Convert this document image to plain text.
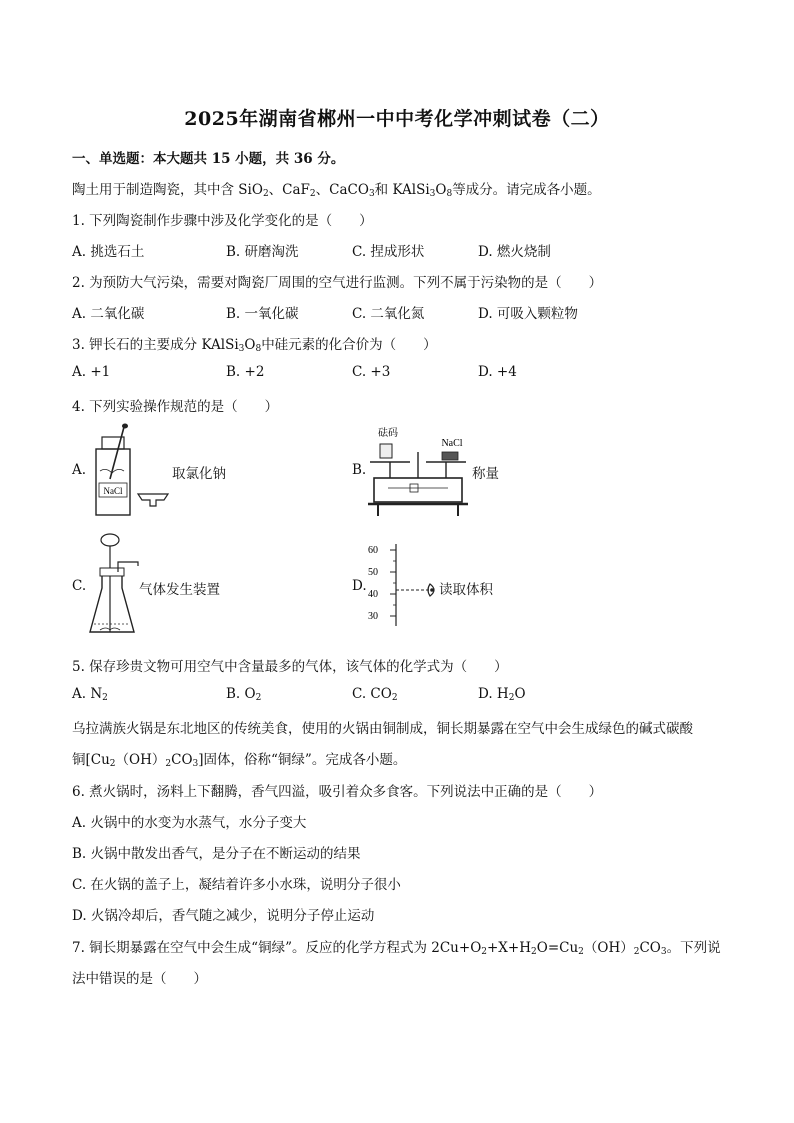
2025年湖南省郴州一中中考化学冲刺试卷（二）
一、单选题：本大题共 15 小题，共 36 分。
陶土用于制造陶瓷，其中含 SiO$_2$、CaF$_2$、CaCO$_3$和 $KAlSi_3O_8$等成分。请完成各小题。
1. 下列陶瓷制作步骤中涉及化学变化的是（　　）
A. 挑选石土	B. 研磨淘洗	C. 捏成形状	D. 燃火烧制
2. 为预防大气污染，需要对陶瓷厂周围的空气进行监测。下列不属于污染物的是（　　）
A. 二氧化碳	B. 一氧化碳	C. 二氧化氮	D. 可吸入颗粒物
3. 钾长石的主要成分 $KAlSi_3O_8$中硅元素的化合价为（　　）
A. +1	B. +2	C. +3	D. +4
4. 下列实验操作规范的是（　　）
A.
NaCl
取氯化钠	B.
砝码
NaCl
称量
C.	气体发生装置	D.
60
50
40
30
读取体积
5. 保存珍贵文物可用空气中含量最多的气体，该气体的化学式为（　　）
A. $N_2$	B. $O_2$	C. $CO_2$	D. $H_2O$
乌拉满族火锅是东北地区的传统美食，使用的火锅由铜制成，铜长期暴露在空气中会生成绿色的碱式碳酸
铜$[Cu_2(OH)_2CO_3]$固体，俗称“铜绿”。完成各小题。
6. 煮火锅时，汤料上下翻腾，香气四溢，吸引着众多食客。下列说法中正确的是（　　）
A. 火锅中的水变为水蒸气，水分子变大
B. 火锅中散发出香气，是分子在不断运动的结果
C. 在火锅的盖子上，凝结着许多小水珠，说明分子很小
D. 火锅冷却后，香气随之减少，说明分子停止运动
7. 铜长期暴露在空气中会生成“铜绿”。反应的化学方程式为 $2Cu+O_2+X+H_2O=Cu_2(OH)_2CO_3$。下列说
法中错误的是（　　）
